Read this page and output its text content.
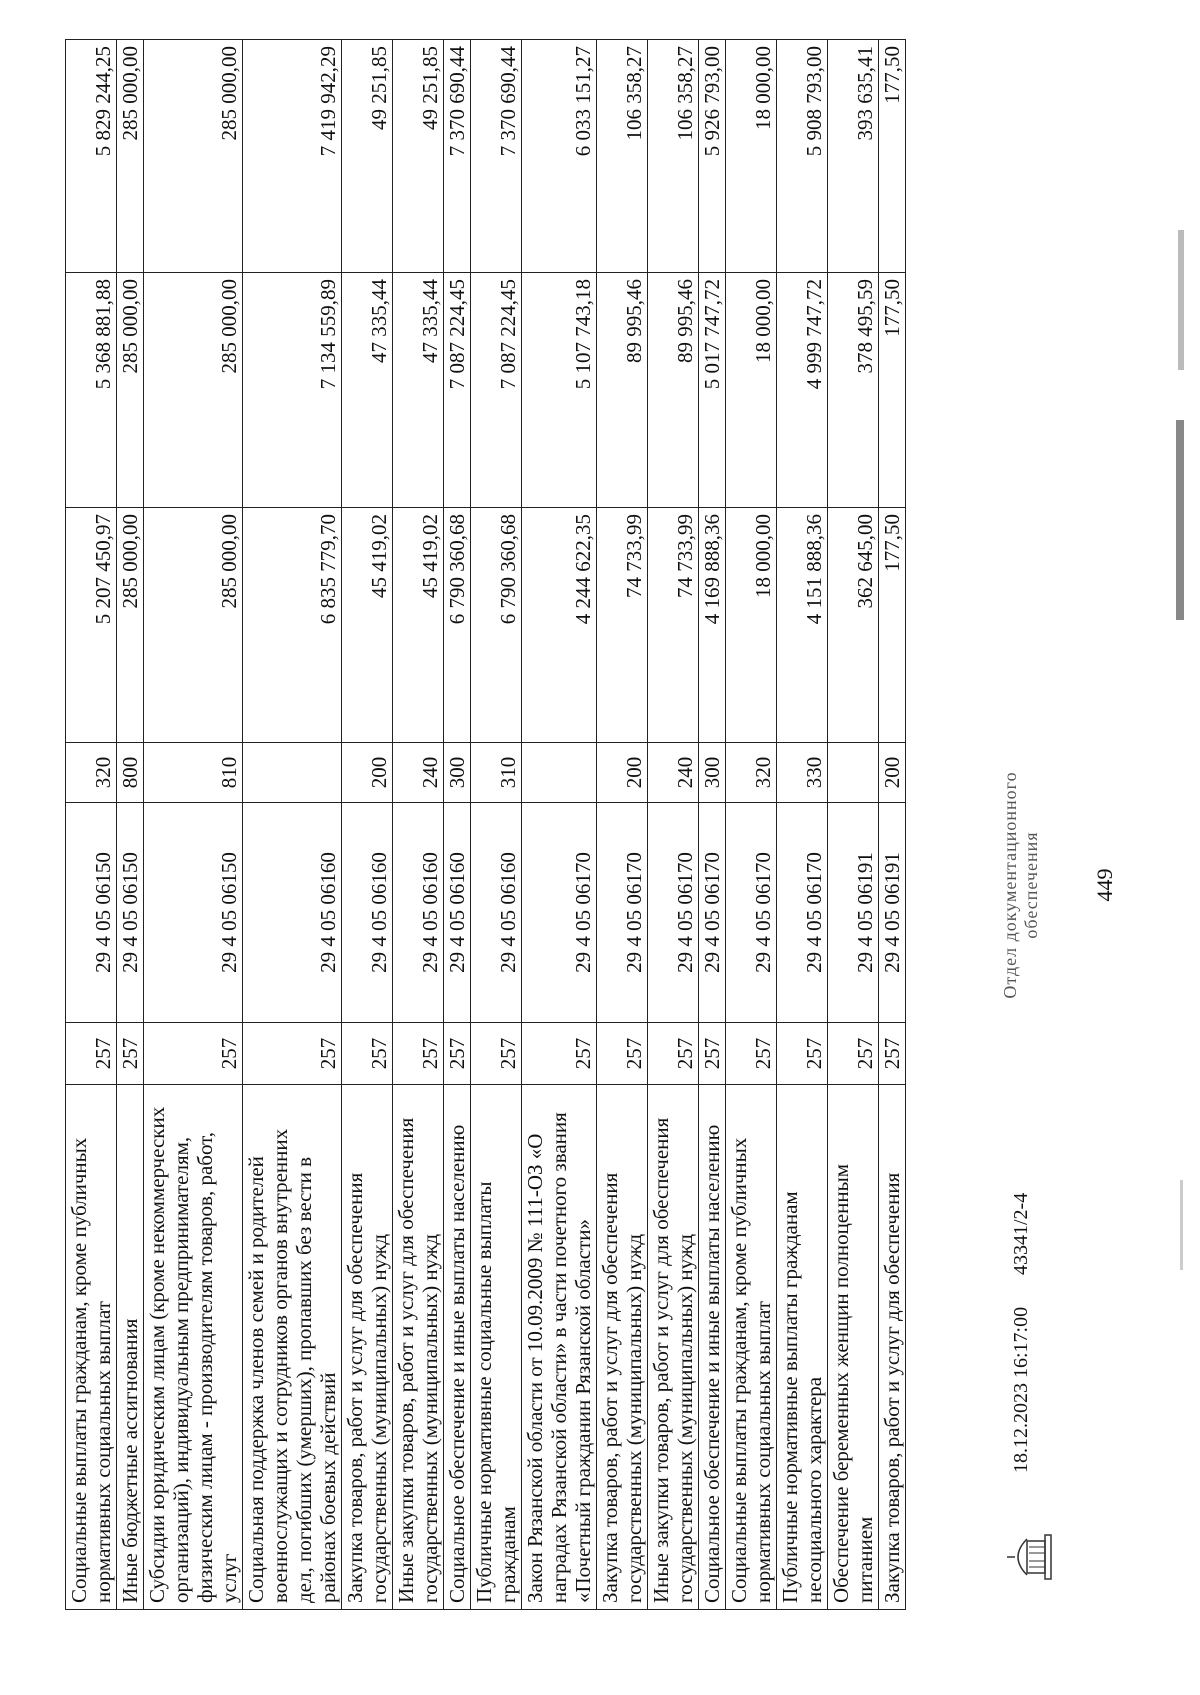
449
Социальные выплаты гражданам, кроме публичных нормативных социальных выплат	257	29 4 05 06150	320	5 207 450,97	5 368 881,88	5 829 244,25
Иные бюджетные ассигнования	257	29 4 05 06150	800	285 000,00	285 000,00	285 000,00
Субсидии юридическим лицам (кроме некоммерческих организаций), индивидуальным предпринимателям, физическим лицам - производителям товаров, работ, услуг	257	29 4 05 06150	810	285 000,00	285 000,00	285 000,00
Социальная поддержка членов семей и родителей военнослужащих и сотрудников органов внутренних дел, погибших (умерших), пропавших без вести в районах боевых действий	257	29 4 05 06160		6 835 779,70	7 134 559,89	7 419 942,29
Закупка товаров, работ и услуг для обеспечения государственных (муниципальных) нужд	257	29 4 05 06160	200	45 419,02	47 335,44	49 251,85
Иные закупки товаров, работ и услуг для обеспечения государственных (муниципальных) нужд	257	29 4 05 06160	240	45 419,02	47 335,44	49 251,85
Социальное обеспечение и иные выплаты населению	257	29 4 05 06160	300	6 790 360,68	7 087 224,45	7 370 690,44
Публичные нормативные социальные выплаты гражданам	257	29 4 05 06160	310	6 790 360,68	7 087 224,45	7 370 690,44
Закон Рязанской области от 10.09.2009 № 111-ОЗ «О наградах Рязанской области» в части почетного звания «Почетный гражданин Рязанской области»	257	29 4 05 06170		4 244 622,35	5 107 743,18	6 033 151,27
Закупка товаров, работ и услуг для обеспечения государственных (муниципальных) нужд	257	29 4 05 06170	200	74 733,99	89 995,46	106 358,27
Иные закупки товаров, работ и услуг для обеспечения государственных (муниципальных) нужд	257	29 4 05 06170	240	74 733,99	89 995,46	106 358,27
Социальное обеспечение и иные выплаты населению	257	29 4 05 06170	300	4 169 888,36	5 017 747,72	5 926 793,00
Социальные выплаты гражданам, кроме публичных нормативных социальных выплат	257	29 4 05 06170	320	18 000,00	18 000,00	18 000,00
Публичные нормативные выплаты гражданам несоциального характера	257	29 4 05 06170	330	4 151 888,36	4 999 747,72	5 908 793,00
Обеспечение беременных женщин полноценным питанием	257	29 4 05 06191		362 645,00	378 495,59	393 635,41
Закупка товаров, работ и услуг для обеспечения	257	29 4 05 06191	200	177,50	177,50	177,50
18.12.2023 16:17:00
43341/2-4
Отдел документационного обеспечения
